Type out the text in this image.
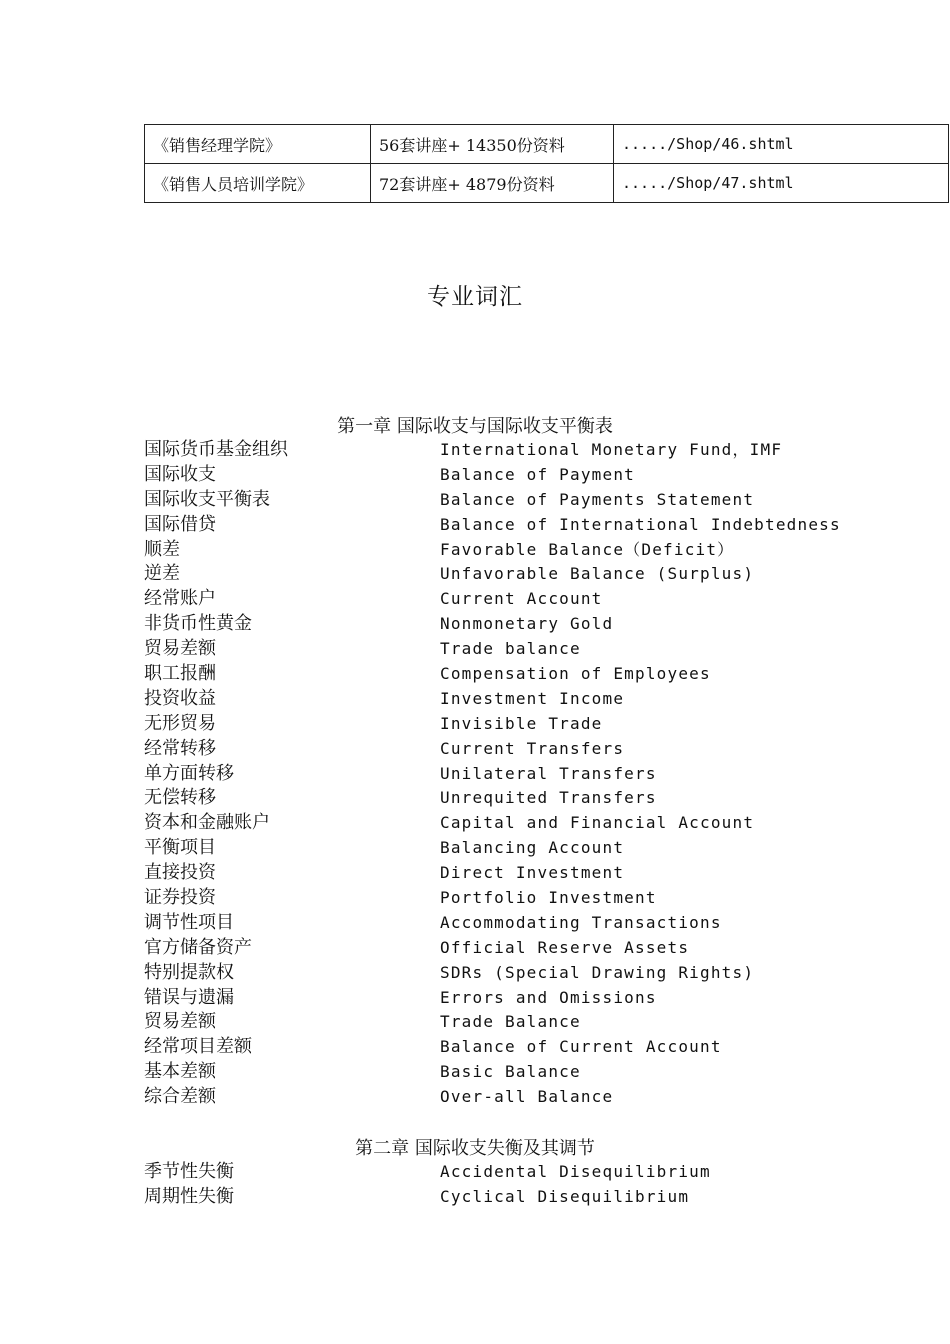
《销售经理学院》	56套讲座+ 14350份资料	...../Shop/46.shtml
《销售人员培训学院》	72套讲座+ 4879份资料	...../Shop/47.shtml
专业词汇
第一章 国际收支与国际收支平衡表
国际货币基金组织	International Monetary Fund，IMF
国际收支	Balance of Payment
国际收支平衡表	Balance of Payments Statement
国际借贷	Balance of International Indebtedness
顺差	Favorable Balance（Deficit）
逆差	Unfavorable Balance (Surplus)
经常账户	Current Account
非货币性黄金	Nonmonetary Gold
贸易差额	Trade balance
职工报酬	Compensation of Employees
投资收益	Investment Income
无形贸易	Invisible Trade
经常转移	Current Transfers
单方面转移	Unilateral Transfers
无偿转移	Unrequited Transfers
资本和金融账户	Capital and Financial Account
平衡项目	Balancing Account
直接投资	Direct Investment
证券投资	Portfolio Investment
调节性项目	Accommodating Transactions
官方储备资产	Official Reserve Assets
特别提款权	SDRs (Special Drawing Rights)
错误与遗漏	Errors and Omissions
贸易差额	Trade Balance
经常项目差额	Balance of Current Account
基本差额	Basic Balance
综合差额	Over-all Balance
第二章 国际收支失衡及其调节
季节性失衡	Accidental Disequilibrium
周期性失衡	Cyclical Disequilibrium
